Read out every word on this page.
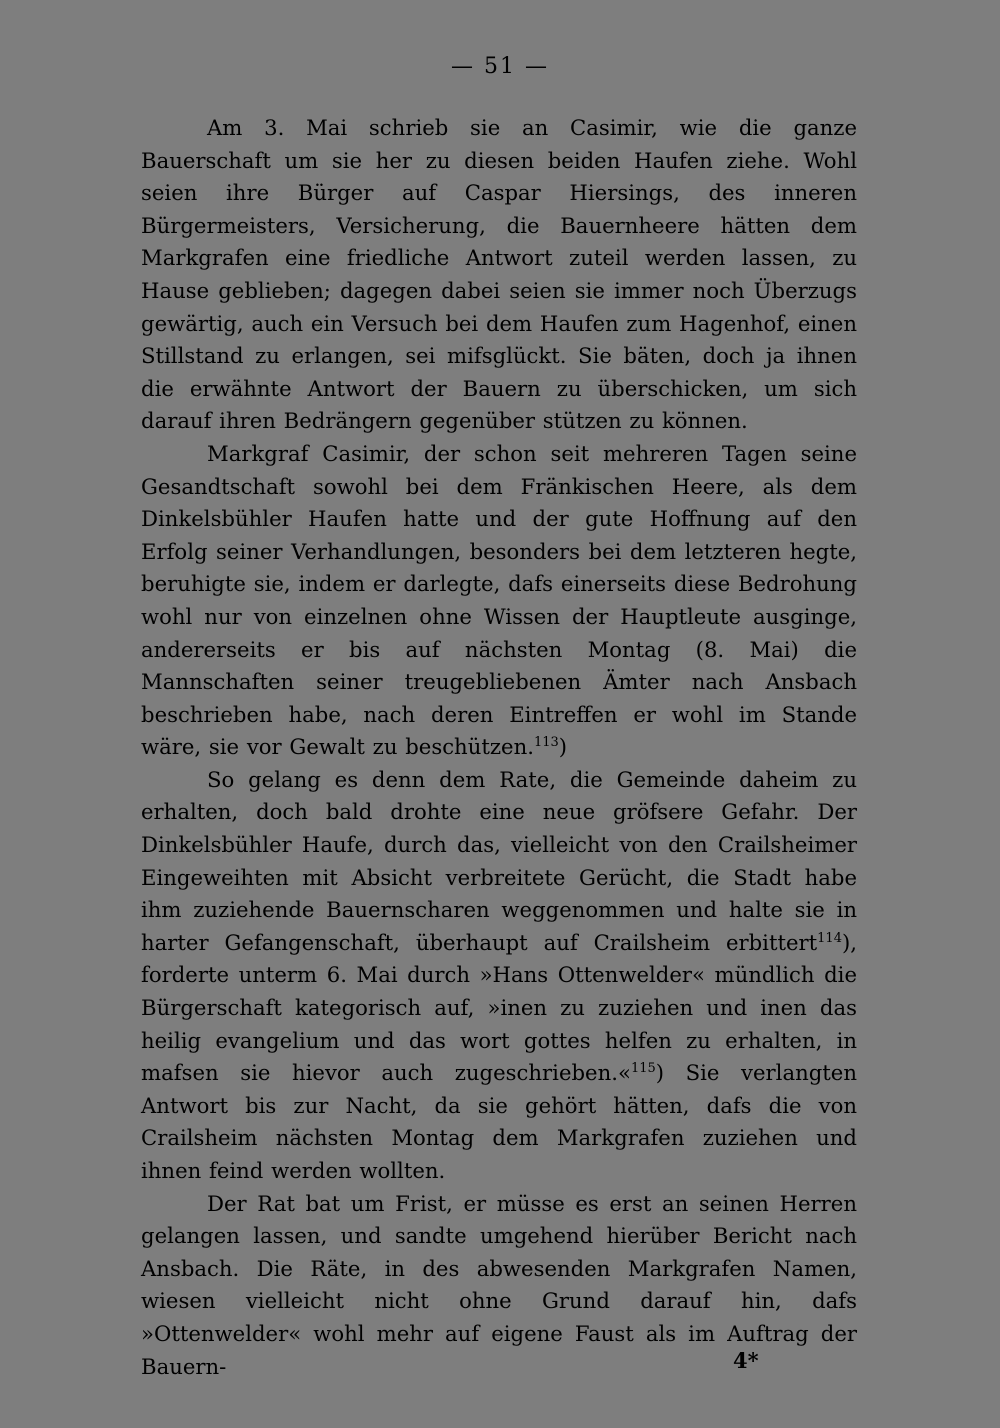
— 51 —

Am 3. Mai schrieb sie an Casimir, wie die ganze Bauerschaft um sie her zu diesen beiden Haufen ziehe. Wohl seien ihre Bürger auf Caspar Hiersings, des inneren Bürgermeisters, Versicherung, die Bauernheere hätten dem Markgrafen eine friedliche Antwort zuteil werden lassen, zu Hause geblieben; dagegen dabei seien sie immer noch Überzugs gewärtig, auch ein Versuch bei dem Haufen zum Hagenhof, einen Stillstand zu erlangen, sei mifsglückt. Sie bäten, doch ja ihnen die erwähnte Antwort der Bauern zu überschicken, um sich darauf ihren Bedrängern gegenüber stützen zu können.

Markgraf Casimir, der schon seit mehreren Tagen seine Gesandtschaft sowohl bei dem Fränkischen Heere, als dem Dinkelsbühler Haufen hatte und der gute Hoffnung auf den Erfolg seiner Verhandlungen, besonders bei dem letzteren hegte, beruhigte sie, indem er darlegte, dafs einerseits diese Bedrohung wohl nur von einzelnen ohne Wissen der Hauptleute ausginge, andererseits er bis auf nächsten Montag (8. Mai) die Mannschaften seiner treugebliebenen Ämter nach Ansbach beschrieben habe, nach deren Eintreffen er wohl im Stande wäre, sie vor Gewalt zu beschützen.$^{113}$)

So gelang es denn dem Rate, die Gemeinde daheim zu erhalten, doch bald drohte eine neue gröfsere Gefahr. Der Dinkelsbühler Haufe, durch das, vielleicht von den Crailsheimer Eingeweihten mit Absicht verbreitete Gerücht, die Stadt habe ihm zuziehende Bauernscharen weggenommen und halte sie in harter Gefangenschaft, überhaupt auf Crailsheim erbittert$^{114}$), forderte unterm 6. Mai durch »Hans Ottenwelder« mündlich die Bürgerschaft kategorisch auf, »inen zu zuziehen und inen das heilig evangelium und das wort gottes helfen zu erhalten, in mafsen sie hievor auch zugeschrieben.«$^{115}$) Sie verlangten Antwort bis zur Nacht, da sie gehört hätten, dafs die von Crailsheim nächsten Montag dem Markgrafen zuziehen und ihnen feind werden wollten.

Der Rat bat um Frist, er müsse es erst an seinen Herren gelangen lassen, und sandte umgehend hierüber Bericht nach Ansbach. Die Räte, in des abwesenden Markgrafen Namen, wiesen vielleicht nicht ohne Grund darauf hin, dafs »Ottenwelder« wohl mehr auf eigene Faust als im Auftrag der Bauern-	4*
